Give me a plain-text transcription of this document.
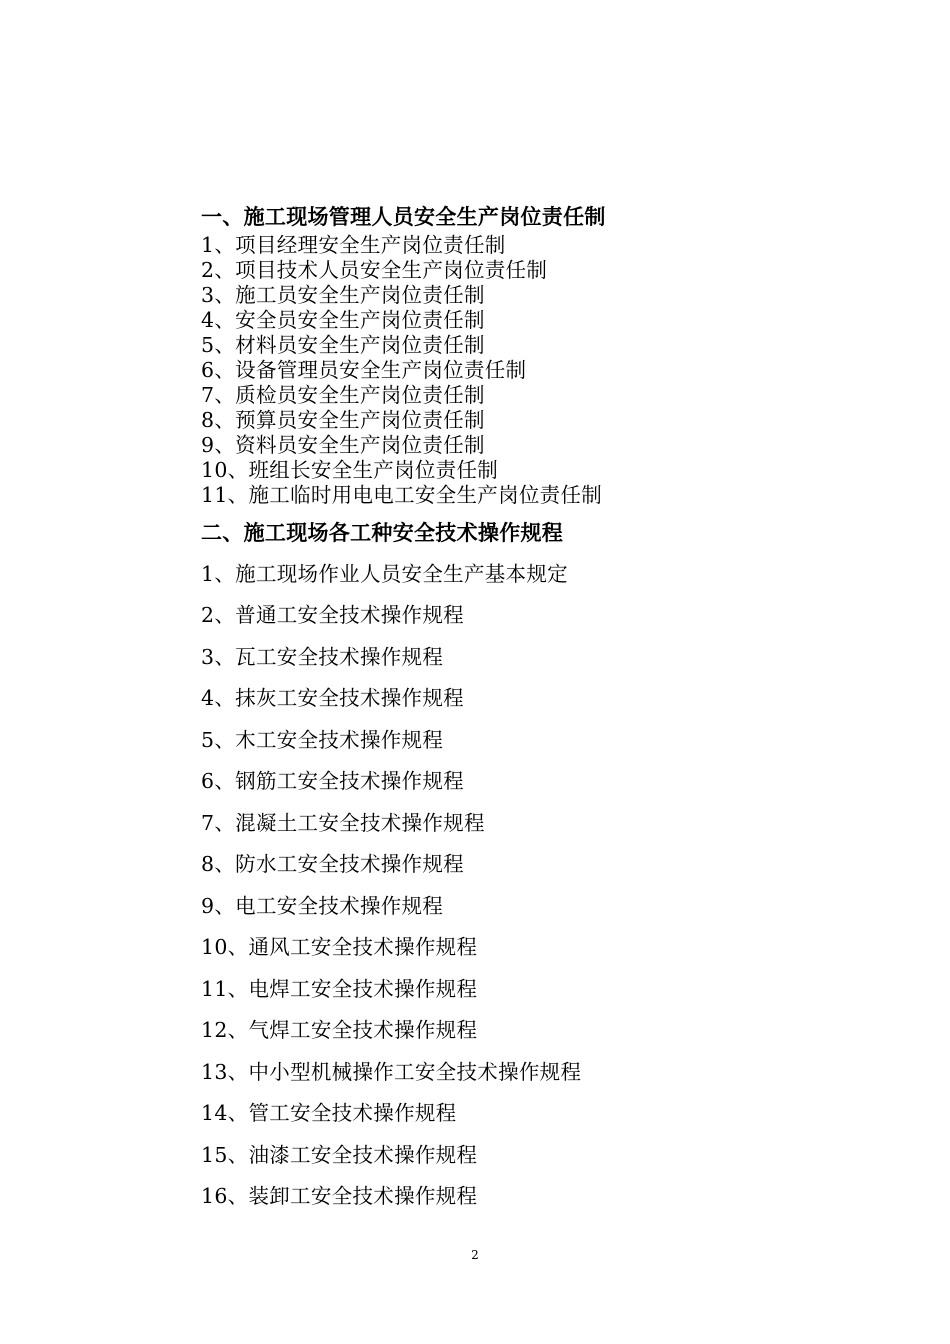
一、施工现场管理人员安全生产岗位责任制
1、项目经理安全生产岗位责任制
2、项目技术人员安全生产岗位责任制
3、施工员安全生产岗位责任制
4、安全员安全生产岗位责任制
5、材料员安全生产岗位责任制
6、设备管理员安全生产岗位责任制
7、质检员安全生产岗位责任制
8、预算员安全生产岗位责任制
9、资料员安全生产岗位责任制
10、班组长安全生产岗位责任制
11、施工临时用电电工安全生产岗位责任制
二、施工现场各工种安全技术操作规程
1、施工现场作业人员安全生产基本规定
2、普通工安全技术操作规程
3、瓦工安全技术操作规程
4、抹灰工安全技术操作规程
5、木工安全技术操作规程
6、钢筋工安全技术操作规程
7、混凝土工安全技术操作规程
8、防水工安全技术操作规程
9、电工安全技术操作规程
10、通风工安全技术操作规程
11、电焊工安全技术操作规程
12、气焊工安全技术操作规程
13、中小型机械操作工安全技术操作规程
14、管工安全技术操作规程
15、油漆工安全技术操作规程
16、装卸工安全技术操作规程
2
